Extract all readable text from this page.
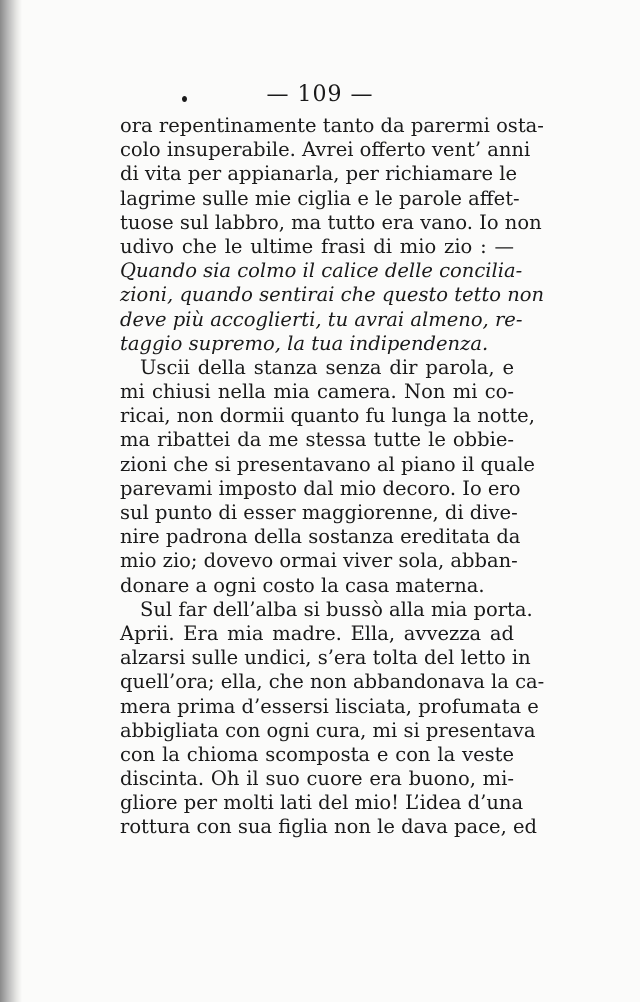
— 109 —
ora repentinamente tanto da parermi osta-
colo insuperabile. Avrei offerto vent’ anni
di vita per appianarla, per richiamare le
lagrime sulle mie ciglia e le parole affet-
tuose sul labbro, ma tutto era vano. Io non
udivo che le ultime frasi di mio zio : —
Quando sia colmo il calice delle concilia-
zioni, quando sentirai che questo tetto non
deve più accoglierti, tu avrai almeno, re-
taggio supremo, la tua indipendenza.
Uscii della stanza senza dir parola, e
mi chiusi nella mia camera. Non mi co-
ricai, non dormii quanto fu lunga la notte,
ma ribattei da me stessa tutte le obbie-
zioni che si presentavano al piano il quale
parevami imposto dal mio decoro. Io ero
sul punto di esser maggiorenne, di dive-
nire padrona della sostanza ereditata da
mio zio; dovevo ormai viver sola, abban-
donare a ogni costo la casa materna.
Sul far dell’alba si bussò alla mia porta.
Aprii. Era mia madre. Ella, avvezza ad
alzarsi sulle undici, s’era tolta del letto in
quell’ora; ella, che non abbandonava la ca-
mera prima d’essersi lisciata, profumata e
abbigliata con ogni cura, mi si presentava
con la chioma scomposta e con la veste
discinta. Oh il suo cuore era buono, mi-
gliore per molti lati del mio! L’idea d’una
rottura con sua figlia non le dava pace, ed
